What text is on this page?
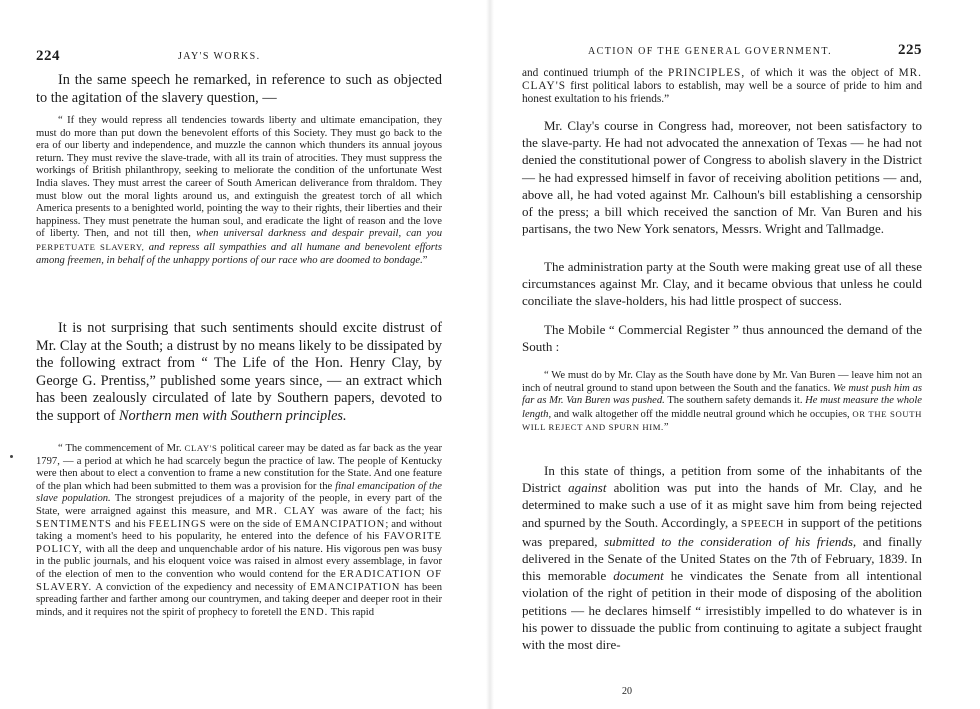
224	JAY'S WORKS.

In the same speech he remarked, in reference to such as objected to the agitation of the slavery question, —

“ If they would repress all tendencies towards liberty and ultimate emancipation, they must do more than put down the benevolent efforts of this Society. They must go back to the era of our liberty and independence, and muzzle the cannon which thunders its annual joyous return. They must revive the slave-trade, with all its train of atrocities. They must suppress the workings of British philanthropy, seeking to meliorate the condition of the unfortunate West India slaves. They must arrest the career of South American deliverance from thraldom. They must blow out the moral lights around us, and extinguish the greatest torch of all which America presents to a benighted world, pointing the way to their rights, their liberties and their happiness. They must penetrate the human soul, and eradicate the light of reason and the love of liberty. Then, and not till then, when universal darkness and despair prevail, can you PERPETUATE SLAVERY, and repress all sympathies and all humane and benevolent efforts among freemen, in behalf of the unhappy portions of our race who are doomed to bondage.”

It is not surprising that such sentiments should excite distrust of Mr. Clay at the South; a distrust by no means likely to be dissipated by the following extract from “ The Life of the Hon. Henry Clay, by George G. Prentiss,” published some years since, — an extract which has been zealously circulated of late by Southern papers, devoted to the support of Northern men with Southern principles.

“ The commencement of Mr. CLAY'S political career may be dated as far back as the year 1797, — a period at which he had scarcely begun the practice of law. The people of Kentucky were then about to elect a convention to frame a new constitution for the State. And one feature of the plan which had been submitted to them was a provision for the final emancipation of the slave population. The strongest prejudices of a majority of the people, in every part of the State, were arraigned against this measure, and MR. CLAY was aware of the fact; his SENTIMENTS and his FEELINGS were on the side of EMANCIPATION; and without taking a moment's heed to his popularity, he entered into the defence of his FAVORITE POLICY, with all the deep and unquenchable ardor of his nature. His vigorous pen was busy in the public journals, and his eloquent voice was raised in almost every assemblage, in favor of the election of men to the convention who would contend for the ERADICATION OF SLAVERY. A conviction of the expediency and necessity of EMANCIPATION has been spreading farther and farther among our countrymen, and taking deeper and deeper root in their minds, and it requires not the spirit of prophecy to foretell the END. This rapid

ACTION OF THE GENERAL GOVERNMENT.	225

and continued triumph of the PRINCIPLES, of which it was the object of MR. CLAY'S first political labors to establish, may well be a source of pride to him and honest exultation to his friends.”

Mr. Clay's course in Congress had, moreover, not been satisfactory to the slave-party. He had not advocated the annexation of Texas — he had not denied the constitutional power of Congress to abolish slavery in the District — he had expressed himself in favor of receiving abolition petitions — and, above all, he had voted against Mr. Calhoun's bill establishing a censorship of the press; a bill which received the sanction of Mr. Van Buren and his partisans, the two New York senators, Messrs. Wright and Tallmadge.

The administration party at the South were making great use of all these circumstances against Mr. Clay, and it became obvious that unless he could conciliate the slave-holders, his had little prospect of success.

The Mobile “ Commercial Register ” thus announced the demand of the South :

“ We must do by Mr. Clay as the South have done by Mr. Van Buren — leave him not an inch of neutral ground to stand upon between the South and the fanatics. We must push him as far as Mr. Van Buren was pushed. The southern safety demands it. He must measure the whole length, and walk altogether off the middle neutral ground which he occupies, OR THE SOUTH WILL REJECT AND SPURN HIM.”

In this state of things, a petition from some of the inhabitants of the District against abolition was put into the hands of Mr. Clay, and he determined to make such a use of it as might save him from being rejected and spurned by the South. Accordingly, a SPEECH in support of the petitions was prepared, submitted to the consideration of his friends, and finally delivered in the Senate of the United States on the 7th of February, 1839. In this memorable document he vindicates the Senate from all intentional violation of the right of petition in their mode of disposing of the abolition petitions — he declares himself “ irresistibly impelled to do whatever is in his power to dissuade the public from continuing to agitate a subject fraught with the most dire-

20
